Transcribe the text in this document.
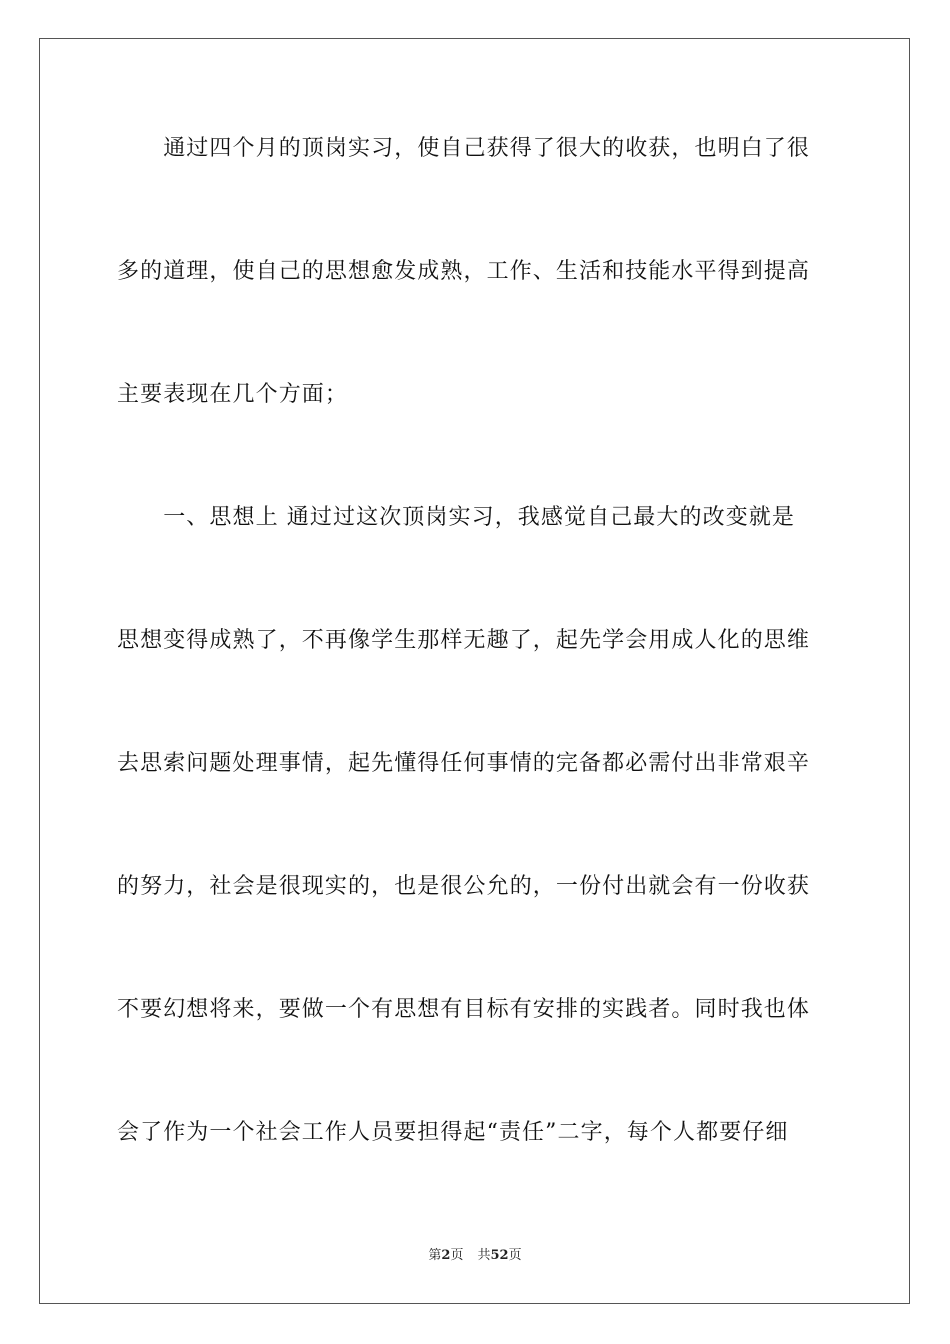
　　通过四个月的顶岗实习，使自己获得了很大的收获，也明白了很
多的道理，使自己的思想愈发成熟，工作、生活和技能水平得到提高
主要表现在几个方面；
　　一、思想上 通过过这次顶岗实习，我感觉自己最大的改变就是
思想变得成熟了，不再像学生那样无趣了，起先学会用成人化的思维
去思索问题处理事情，起先懂得任何事情的完备都必需付出非常艰辛
的努力，社会是很现实的，也是很公允的，一份付出就会有一份收获
不要幻想将来，要做一个有思想有目标有安排的实践者。同时我也体
会了作为一个社会工作人员要担得起“责任”二字，每个人都要仔细
第2页 共52页
